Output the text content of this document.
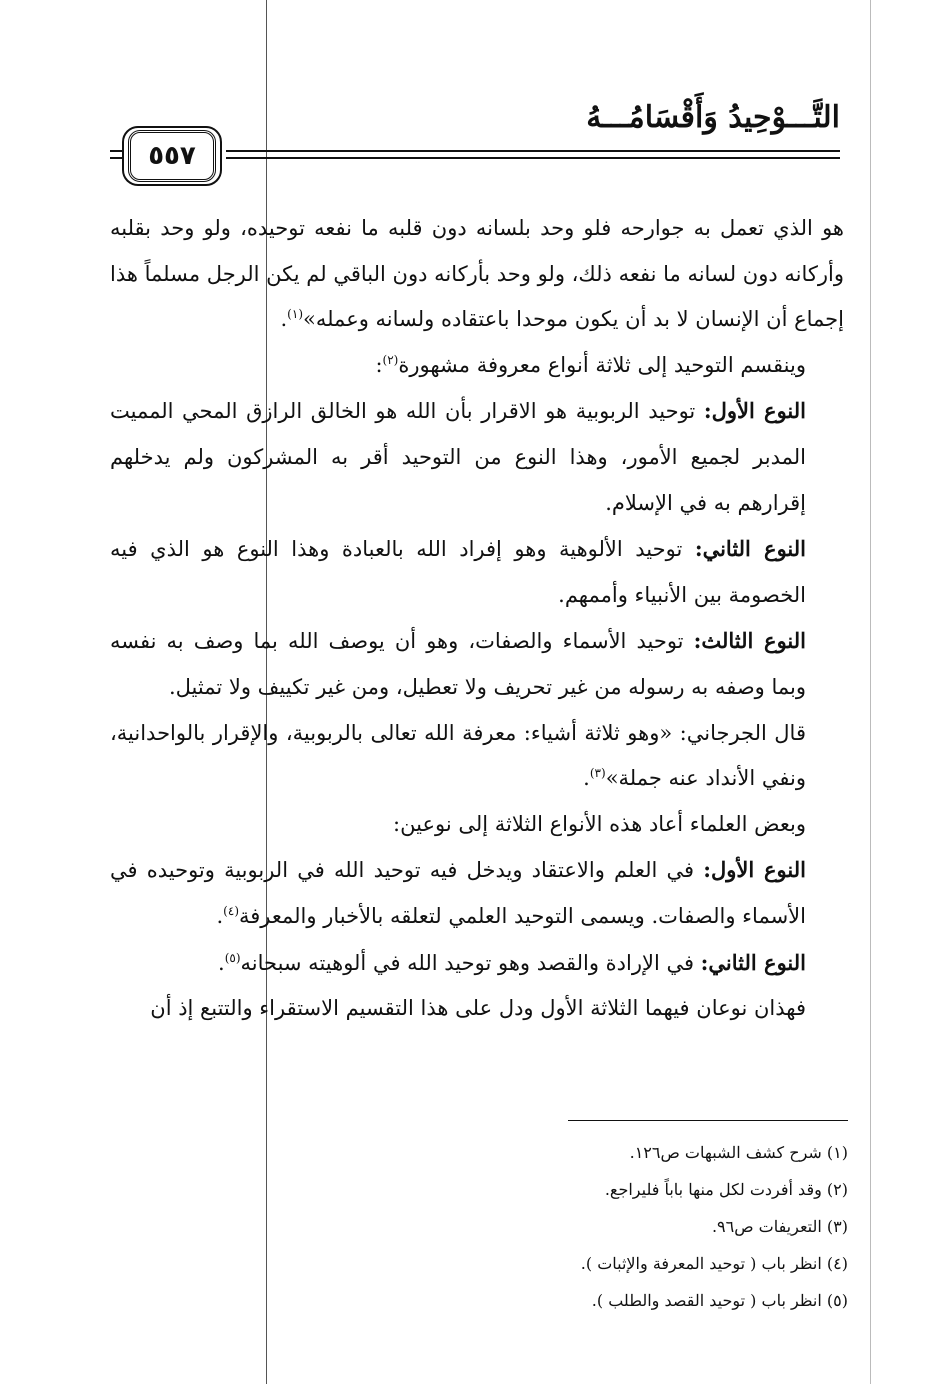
التَّـــوْحِيدُ وَأَقْسَامُـــهُ
٥٥٧

هو الذي تعمل به جوارحه فلو وحد بلسانه دون قلبه ما نفعه توحيده، ولو وحد بقلبه وأركانه دون لسانه ما نفعه ذلك، ولو وحد بأركانه دون الباقي لم يكن الرجل مسلماً هذا إجماع أن الإنسان لا بد أن يكون موحدا باعتقاده ولسانه وعمله»$^{(١)}$.

وينقسم التوحيد إلى ثلاثة أنواع معروفة مشهورة$^{(٢)}$:

النوع الأول: توحيد الربوبية هو الاقرار بأن الله هو الخالق الرازق المحي المميت المدبر لجميع الأمور، وهذا النوع من التوحيد أقر به المشركون ولم يدخلهم إقرارهم به في الإسلام.

النوع الثاني: توحيد الألوهية وهو إفراد الله بالعبادة وهذا النوع هو الذي فيه الخصومة بين الأنبياء وأممهم.

النوع الثالث: توحيد الأسماء والصفات، وهو أن يوصف الله بما وصف به نفسه وبما وصفه به رسوله من غير تحريف ولا تعطيل، ومن غير تكييف ولا تمثيل.

قال الجرجاني: «وهو ثلاثة أشياء: معرفة الله تعالى بالربوبية، والإقرار بالواحدانية، ونفي الأنداد عنه جملة»$^{(٣)}$.

وبعض العلماء أعاد هذه الأنواع الثلاثة إلى نوعين:

النوع الأول: في العلم والاعتقاد ويدخل فيه توحيد الله في الربوبية وتوحيده في الأسماء والصفات. ويسمى التوحيد العلمي لتعلقه بالأخبار والمعرفة$^{(٤)}$.

النوع الثاني: في الإرادة والقصد وهو توحيد الله في ألوهيته سبحانه$^{(٥)}$.

فهذان نوعان فيهما الثلاثة الأول ودل على هذا التقسيم الاستقراء والتتبع إذ أن

(١) شرح كشف الشبهات ص١٢٦.
(٢) وقد أفردت لكل منها باباً فليراجع.
(٣) التعريفات ص٩٦.
(٤) انظر باب ( توحيد المعرفة والإثبات ).
(٥) انظر باب ( توحيد القصد والطلب ).
